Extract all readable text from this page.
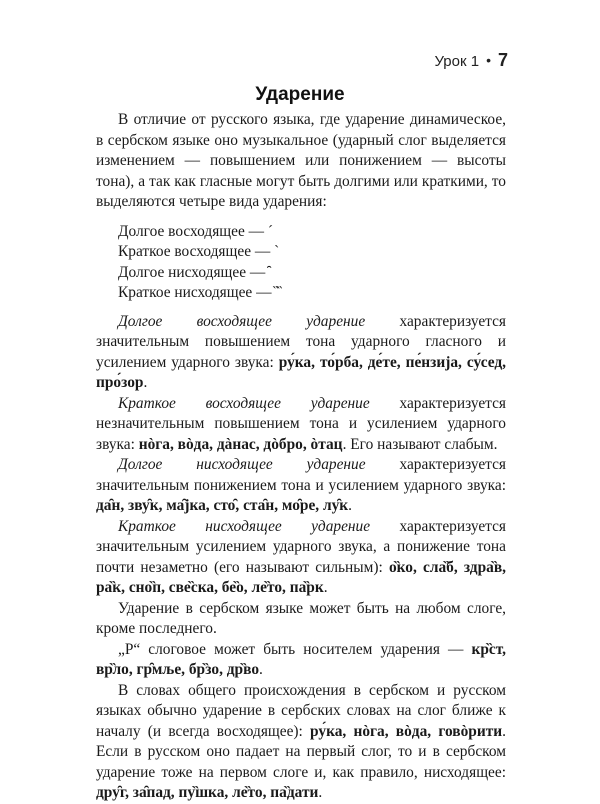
Урок 1 • 7
Ударение

В отличие от русского языка, где ударение динамическое, в сербском языке оно музыкальное (ударный слог выделяется изменением — повышением или понижением — высоты тона), а так как гласные могут быть долгими или краткими, то выделяются четыре вида ударения:

Долгое восходящее — ´
Краткое восходящее — `
Долгое нисходящее — ̑
Краткое нисходящее — ̏ ̏

Долгое восходящее ударение характеризуется значительным повышением тона ударного гласного и усилением ударного звука: ру́ка, то́рба, де́те, пе́нзија, су́сед, про́зор.

Краткое восходящее ударение характеризуется незначительным повышением тона и усилением ударного звука: нòга, вòда, дàнас, дòбро, òтац. Его называют слабым.

Долгое нисходящее ударение характеризуется значительным понижением тона и усилением ударного звука: да̑н, зву̑к, ма̑јка, сто̑, ста̑н, мо̑ре, лу̑к.

Краткое нисходящее ударение характеризуется значительным усилением ударного звука, а понижение тона почти незаметно (его называют сильным): о̏ко, сла̏б, здра̏в, ра̏к, сно̏п, све̏ска, бе̏о, ле̏то, па̏рк.

Ударение в сербском языке может быть на любом слоге, кроме последнего.

„Р“ слоговое может быть носителем ударения — кр̏ст, вр̏ло, гр̑мље, бр̏зо, др̏во.

В словах общего происхождения в сербском и русском языках обычно ударение в сербских словах на слог ближе к началу (и всегда восходящее): ру́ка, нòга, вòда, говòрити. Если в русском оно падает на первый слог, то и в сербском ударение тоже на первом слоге и, как правило, нисходящее: дру̑г, за̑пад, пу̏шка, ле̏то, па̏дати.
